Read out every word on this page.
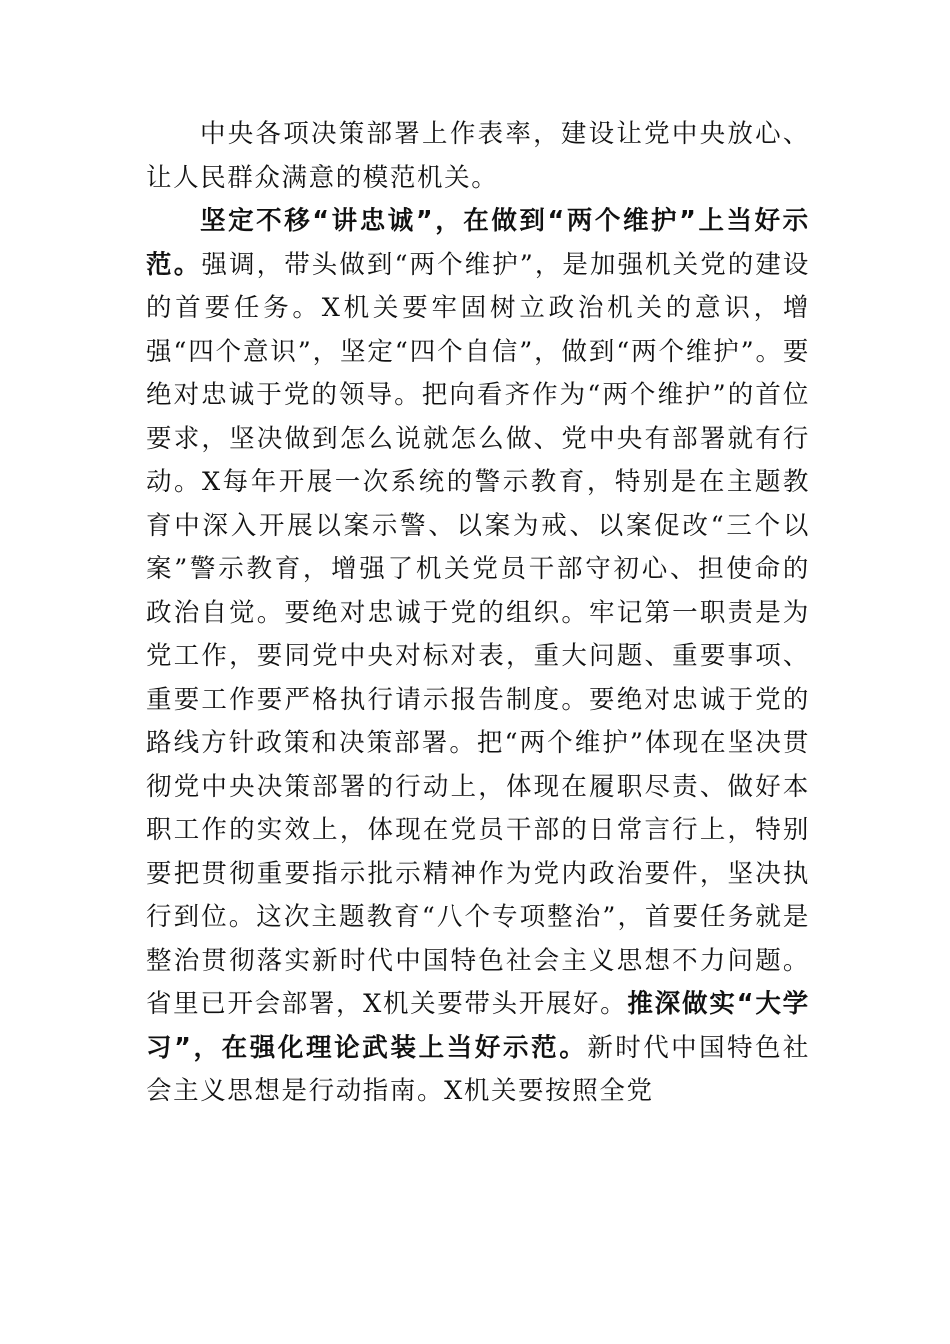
中央各项决策部署上作表率，建设让党中央放心、让人民群众满意的模范机关。

坚定不移“讲忠诚”，在做到“两个维护”上当好示范。强调，带头做到“两个维护”，是加强机关党的建设的首要任务。X机关要牢固树立政治机关的意识，增强“四个意识”，坚定“四个自信”，做到“两个维护”。要绝对忠诚于党的领导。把向看齐作为“两个维护”的首位要求，坚决做到怎么说就怎么做、党中央有部署就有行动。X每年开展一次系统的警示教育，特别是在主题教育中深入开展以案示警、以案为戒、以案促改“三个以案”警示教育，增强了机关党员干部守初心、担使命的政治自觉。要绝对忠诚于党的组织。牢记第一职责是为党工作，要同党中央对标对表，重大问题、重要事项、重要工作要严格执行请示报告制度。要绝对忠诚于党的路线方针政策和决策部署。把“两个维护”体现在坚决贯彻党中央决策部署的行动上，体现在履职尽责、做好本职工作的实效上，体现在党员干部的日常言行上，特别要把贯彻重要指示批示精神作为党内政治要件，坚决执行到位。这次主题教育“八个专项整治”，首要任务就是整治贯彻落实新时代中国特色社会主义思想不力问题。省里已开会部署，X机关要带头开展好。推深做实“大学习”，在强化理论武装上当好示范。新时代中国特色社会主义思想是行动指南。X机关要按照全党
